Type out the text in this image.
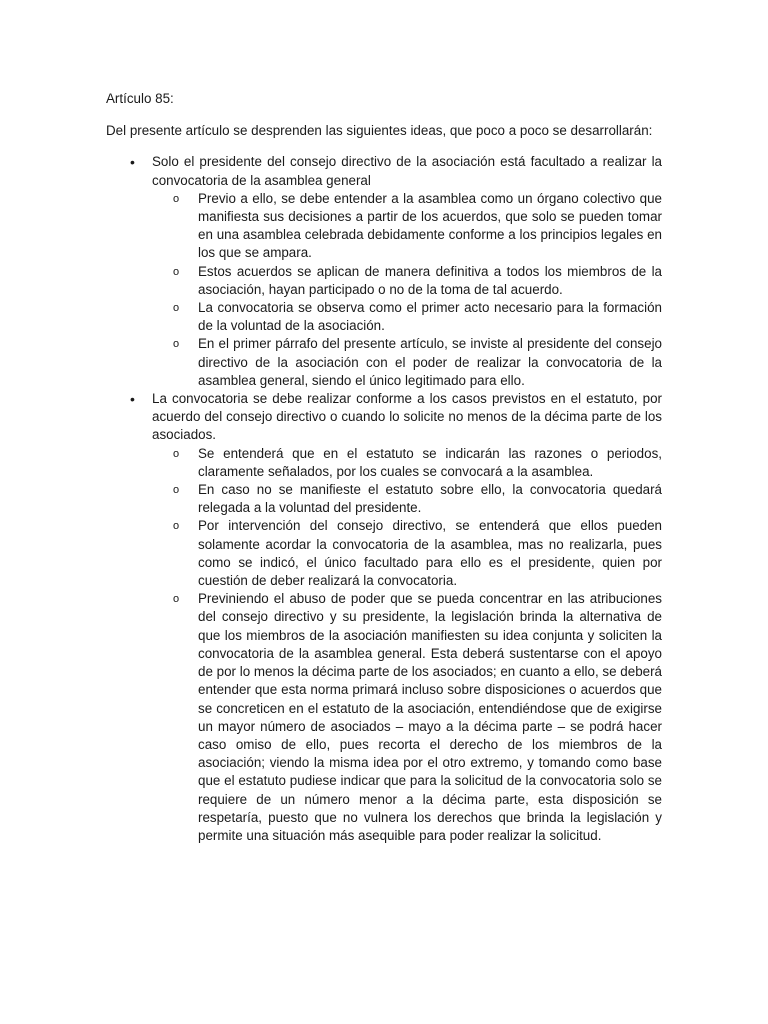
Artículo 85:
Del presente artículo se desprenden las siguientes ideas, que poco a poco se desarrollarán:
• Solo el presidente del consejo directivo de la asociación está facultado a realizar la convocatoria de la asamblea general
o Previo a ello, se debe entender a la asamblea como un órgano colectivo que manifiesta sus decisiones a partir de los acuerdos, que solo se pueden tomar en una asamblea celebrada debidamente conforme a los principios legales en los que se ampara.
o Estos acuerdos se aplican de manera definitiva a todos los miembros de la asociación, hayan participado o no de la toma de tal acuerdo.
o La convocatoria se observa como el primer acto necesario para la formación de la voluntad de la asociación.
o En el primer párrafo del presente artículo, se inviste al presidente del consejo directivo de la asociación con el poder de realizar la convocatoria de la asamblea general, siendo el único legitimado para ello.
• La convocatoria se debe realizar conforme a los casos previstos en el estatuto, por acuerdo del consejo directivo o cuando lo solicite no menos de la décima parte de los asociados.
o Se entenderá que en el estatuto se indicarán las razones o periodos, claramente señalados, por los cuales se convocará a la asamblea.
o En caso no se manifieste el estatuto sobre ello, la convocatoria quedará relegada a la voluntad del presidente.
o Por intervención del consejo directivo, se entenderá que ellos pueden solamente acordar la convocatoria de la asamblea, mas no realizarla, pues como se indicó, el único facultado para ello es el presidente, quien por cuestión de deber realizará la convocatoria.
o Previniendo el abuso de poder que se pueda concentrar en las atribuciones del consejo directivo y su presidente, la legislación brinda la alternativa de que los miembros de la asociación manifiesten su idea conjunta y soliciten la convocatoria de la asamblea general. Esta deberá sustentarse con el apoyo de por lo menos la décima parte de los asociados; en cuanto a ello, se deberá entender que esta norma primará incluso sobre disposiciones o acuerdos que se concreticen en el estatuto de la asociación, entendiéndose que de exigirse un mayor número de asociados – mayo a la décima parte – se podrá hacer caso omiso de ello, pues recorta el derecho de los miembros de la asociación; viendo la misma idea por el otro extremo, y tomando como base que el estatuto pudiese indicar que para la solicitud de la convocatoria solo se requiere de un número menor a la décima parte, esta disposición se respetaría, puesto que no vulnera los derechos que brinda la legislación y permite una situación más asequible para poder realizar la solicitud.
